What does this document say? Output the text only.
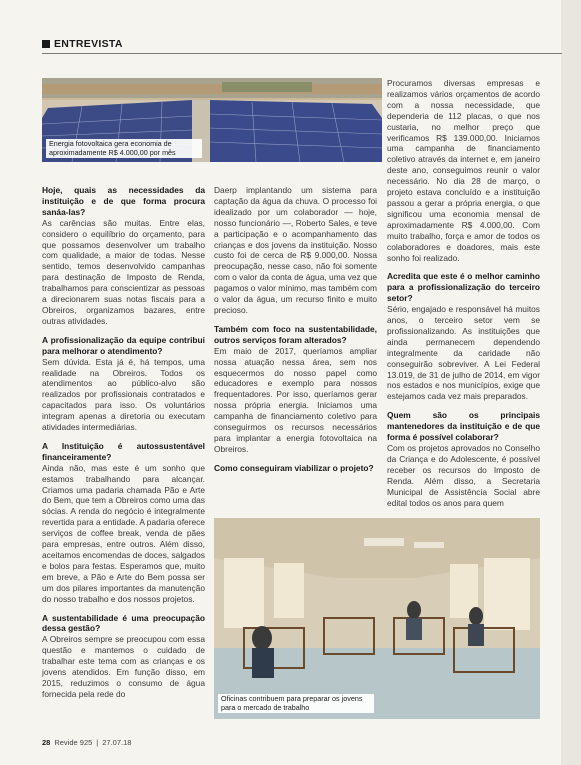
ENTREVISTA
Energia fotovoltaica gera economia de aproximadamente R$ 4.000,00 por mês
Oficinas contribuem para preparar os jovens para o mercado de trabalho

Hoje, quais as necessidades da instituição e de que forma procura sanáa-las?

As carências são muitas. Entre elas, considero o equilíbrio do orçamento, para que possamos desenvolver um trabalho com qualidade, a maior de todas. Nesse sentido, temos desenvolvido campanhas para destinação de Imposto de Renda, trabalhamos para conscientizar as pessoas a direcionarem suas notas fiscais para a Obreiros, organizamos bazares, entre outras atividades.

A profissionalização da equipe contribui para melhorar o atendimento?

Sem dúvida. Esta já é, há tempos, uma realidade na Obreiros. Todos os atendimentos ao público-alvo são realizados por profissionais contratados e capacitados para isso. Os voluntários integram apenas a diretoria ou executam atividades intermediárias.

A Instituição é autossustentável financeiramente?

Ainda não, mas este é um sonho que estamos trabalhando para alcançar. Criamos uma padaria chamada Pão e Arte do Bem, que tem a Obreiros como uma das sócias. A renda do negócio é integralmente revertida para a entidade. A padaria oferece serviços de coffee break, venda de pães para empresas, entre outros. Além disso, aceitamos encomendas de doces, salgados e bolos para festas. Esperamos que, muito em breve, a Pão e Arte do Bem possa ser um dos pilares importantes da manutenção do nosso trabalho e dos nossos projetos.

A sustentabilidade é uma preocupação dessa gestão?

A Obreiros sempre se preocupou com essa questão e mantemos o cuidado de trabalhar este tema com as crianças e os jovens atendidos. Em função disso, em 2015, reduzimos o consumo de água fornecida pela rede do

Daerp implantando um sistema para captação da água da chuva. O processo foi idealizado por um colaborador — hoje, nosso funcionário —, Roberto Sales, e teve a participação e o acompanhamento das crianças e dos jovens da instituição. Nosso custo foi de cerca de R$ 9.000,00. Nossa preocupação, nesse caso, não foi somente com o valor da conta de água, uma vez que pagamos o valor mínimo, mas também com o valor da água, um recurso finito e muito precioso.

Também com foco na sustentabilidade, outros serviços foram alterados?

Em maio de 2017, queríamos ampliar nossa atuação nessa área, sem nos esquecermos do nosso papel como educadores e exemplo para nossos frequentadores. Por isso, queríamos gerar nossa própria energia. Iniciamos uma campanha de financiamento coletivo para conseguirmos os recursos necessários para implantar a energia fotovoltaica na Obreiros.

Como conseguiram viabilizar o projeto?

Procuramos diversas empresas e realizamos vários orçamentos de acordo com a nossa necessidade, que dependeria de 112 placas, o que nos custaria, no melhor preço que verificamos R$ 139.000,00. Iniciamos uma campanha de financiamento coletivo através da internet e, em janeiro deste ano, conseguimos reunir o valor necessário. No dia 28 de março, o projeto estava concluído e a instituição passou a gerar a própria energia, o que significou uma economia mensal de aproximadamente R$ 4.000,00. Com muito trabalho, força e amor de todos os colaboradores e doadores, mais este sonho foi realizado.

Acredita que este é o melhor caminho para a profissionalização do terceiro setor?

Sério, engajado e responsável há muitos anos, o terceiro setor vem se profissionalizando. As instituições que ainda permanecem dependendo integralmente da caridade não conseguirão sobreviver. A Lei Federal 13.019, de 31 de julho de 2014, em vigor nos estados e nos municípios, exige que estejamos cada vez mais preparados.

Quem são os principais mantenedores da instituição e de que forma é possível colaborar?

Com os projetos aprovados no Conselho da Criança e do Adolescente, é possível receber os recursos do Imposto de Renda. Além disso, a Secretaria Municipal de Assistência Social abre edital todos os anos para quem

28 Revide 925 | 27.07.18
